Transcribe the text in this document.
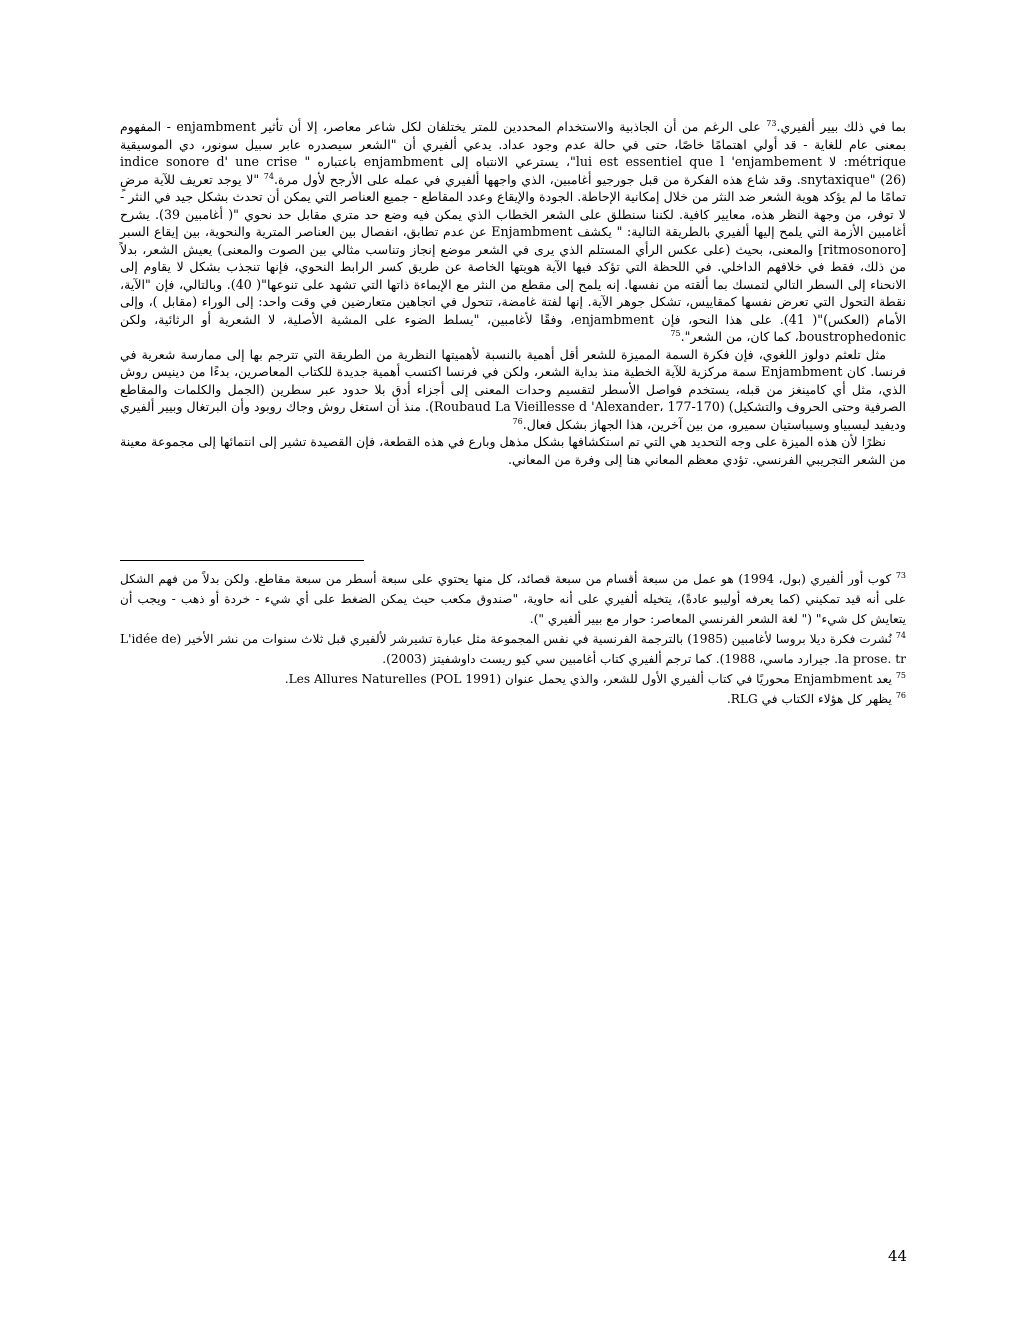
بما في ذلك بيير ألفيري.$^{73}$ على الرغم من أن الجاذبية والاستخدام المحددين للمتر يختلفان لكل شاعر معاصر، إلا أن تأثير enjambment - المفهوم بمعنى عام للغاية - قد أولي اهتمامًا خاصًا، حتى في حالة عدم وجود عداد. يدعي ألفيري أن "الشعر سيصدره عابر سبيل سونور، دي الموسيقية métrique: لا lui est essentiel que l 'enjambement"، يسترعي الانتباه إلى enjambment باعتباره " indice sonore d' une crise snytaxique" (26). وقد شاع هذه الفكرة من قبل جورجيو أغامبين، الذي واجهها ألفيري في عمله على الأرجح لأول مرة.$^{74}$ "لا يوجد تعريف للآية مرضٍ تمامًا ما لم يؤكد هوية الشعر ضد النثر من خلال إمكانية الإحاطة. الجودة والإيقاع وعدد المقاطع - جميع العناصر التي يمكن أن تحدث بشكل جيد في النثر - لا توفر، من وجهة النظر هذه، معايير كافية. لكننا سنطلق على الشعر الخطاب الذي يمكن فيه وضع حد متري مقابل حد نحوي "( أغامبين 39). يشرح أغامبين الأزمة التي يلمح إليها ألفيري بالطريقة التالية: " يكشف Enjambment عن عدم تطابق، انفصال بين العناصر المترية والنحوية، بين إيقاع السبر [ritmosonoro] والمعنى، بحيث (على عكس الرأي المستلم الذي يرى في الشعر موضع إنجاز وتناسب مثالي بين الصوت والمعنى) يعيش الشعر، بدلاً من ذلك، فقط في خلافهم الداخلي. في اللحظة التي تؤكد فيها الآية هويتها الخاصة عن طريق كسر الرابط النحوي، فإنها تنجذب بشكل لا يقاوم إلى الانحناء إلى السطر التالي لتمسك بما ألقته من نفسها. إنه يلمح إلى مقطع من النثر مع الإيماءة ذاتها التي تشهد على تنوعها"( 40). وبالتالي، فإن "الآية، نقطة التحول التي تعرض نفسها كمقاييس، تشكل جوهر الآية. إنها لفتة غامضة، تتحول في اتجاهين متعارضين في وقت واحد: إلى الوراء (مقابل )، وإلى الأمام (العكس)"( 41). على هذا النحو، فإن enjambment، وفقًا لأغامبين، "يسلط الضوء على المشية الأصلية، لا الشعرية أو الرثائية، ولكن boustrophedonic، كما كان، من الشعر".$^{75}$

مثل تلعثم دولوز اللغوي، فإن فكرة السمة المميزة للشعر أقل أهمية بالنسبة لأهميتها النظرية من الطريقة التي تترجم بها إلى ممارسة شعرية في فرنسا. كان Enjambment سمة مركزية للآية الخطية منذ بداية الشعر، ولكن في فرنسا اكتسب أهمية جديدة للكتاب المعاصرين، بدءًا من دينيس روش الذي، مثل أي كامينغز من قبله، يستخدم فواصل الأسطر لتقسيم وحدات المعنى إلى أجزاء أدق بلا حدود عبر سطرين (الجمل والكلمات والمقاطع الصرفية وحتى الحروف والتشكيل) (Roubaud La Vieillesse d 'Alexander، 177-170). منذ أن استغل روش وجاك روبود وأن البرتغال وبيير ألفيري وديفيد ليسبياو وسيباستيان سميرو، من بين آخرين، هذا الجهاز بشكل فعال.$^{76}$

نظرًا لأن هذه الميزة على وجه التحديد هي التي تم استكشافها بشكل مذهل وبارع في هذه القطعة، فإن القصيدة تشير إلى انتمائها إلى مجموعة معينة من الشعر التجريبي الفرنسي. تؤدي معظم المعاني هنا إلى وفرة من المعاني.

$^{73}$ كوب أور ألفيري (بول، 1994) هو عمل من سبعة أقسام من سبعة قصائد، كل منها يحتوي على سبعة أسطر من سبعة مقاطع. ولكن بدلاً من فهم الشكل على أنه قيد تمكيني (كما يعرفه أوليبو عادةً)، يتخيله ألفيري على أنه حاوية، "صندوق مكعب حيث يمكن الضغط على أي شيء - خردة أو ذهب - ويجب أن يتعايش كل شيء" (" لغة الشعر الفرنسي المعاصر: حوار مع بيير ألفيري ").

$^{74}$ نُشرت فكرة ديلا بروسا لأغامبين (1985) بالترجمة الفرنسية في نفس المجموعة مثل عبارة تشيرشر لألفيري قبل ثلاث سنوات من نشر الأخير (L'idée de la prose. tr. جيرارد ماسي، 1988). كما ترجم ألفيري كتاب أغامبين سي كيو ريست داوشفيتز (2003).

$^{75}$ يعد Enjambment محوريًا في كتاب ألفيري الأول للشعر، والذي يحمل عنوان Les Allures Naturelles (POL 1991).

$^{76}$ يظهر كل هؤلاء الكتاب في RLG.

44
